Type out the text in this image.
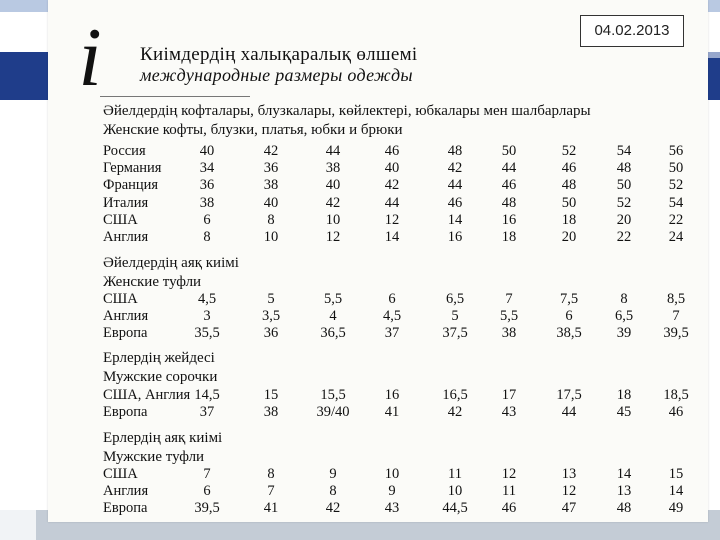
04.02.2013
i	Киімдердің халықаралық өлшемі
международные размеры одежды
Әйелдердің кофталары, блузкалары, көйлектері, юбкалары мен шалбарлары
Женские кофты, блузки, платья, юбки и брюки
Россия	40	42	44	46	48	50	52	54	56
Германия	34	36	38	40	42	44	46	48	50
Франция	36	38	40	42	44	46	48	50	52
Италия	38	40	42	44	46	48	50	52	54
США	6	8	10	12	14	16	18	20	22
Англия	8	10	12	14	16	18	20	22	24
Әйелдердің аяқ киімі
Женские туфли
США	4,5	5	5,5	6	6,5	7	7,5	8	8,5
Англия	3	3,5	4	4,5	5	5,5	6	6,5	7
Европа	35,5	36	36,5	37	37,5	38	38,5	39	39,5
Ерлердің жейдесі
Мужские сорочки
США, Англия 14,5	15	15,5	16	16,5	17	17,5	18	18,5
Европа	37	38	39/40	41	42	43	44	45	46
Ерлердің аяқ киімі
Мужские туфли
США	7	8	9	10	11	12	13	14	15
Англия	6	7	8	9	10	11	12	13	14
Европа	39,5	41	42	43	44,5	46	47	48	49
